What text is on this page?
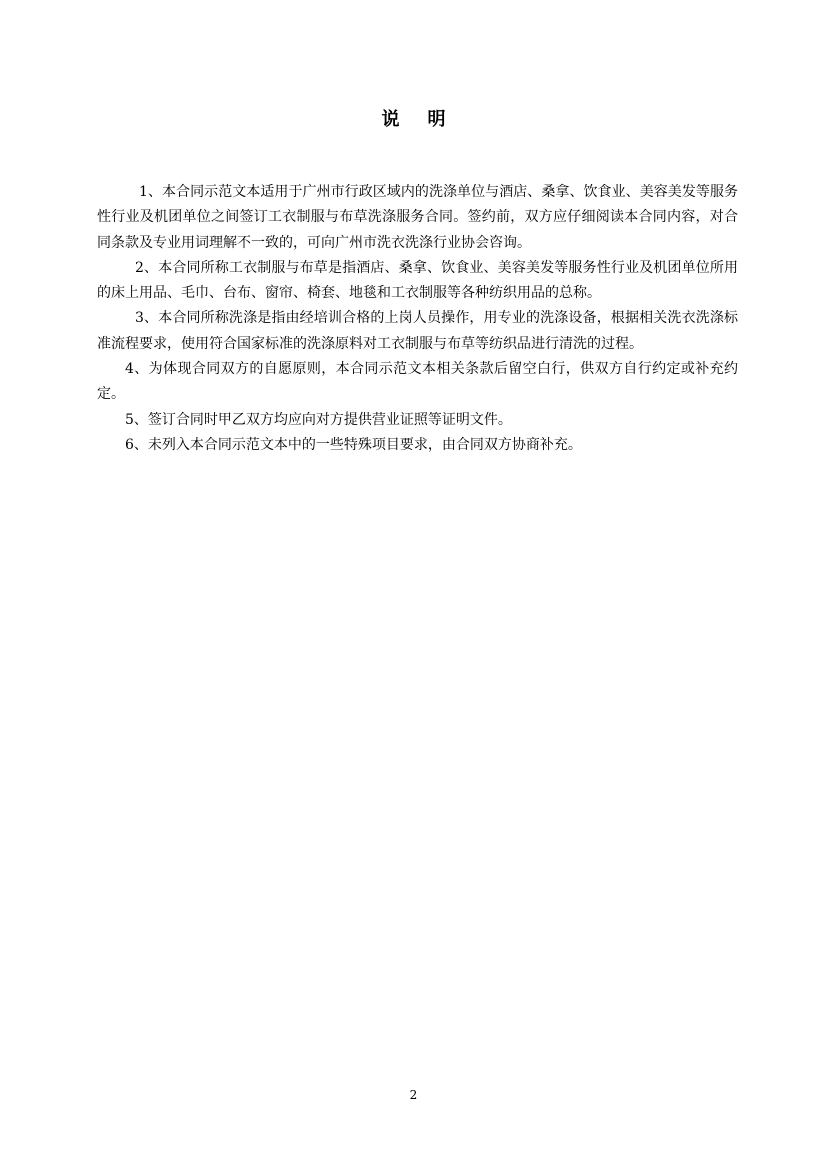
说明

1、本合同示范文本适用于广州市行政区域内的洗涤单位与酒店、桑拿、饮食业、美容美发等服务性行业及机团单位之间签订工衣制服与布草洗涤服务合同。签约前，双方应仔细阅读本合同内容，对合同条款及专业用词理解不一致的，可向广州市洗衣洗涤行业协会咨询。

2、本合同所称工衣制服与布草是指酒店、桑拿、饮食业、美容美发等服务性行业及机团单位所用的床上用品、毛巾、台布、窗帘、椅套、地毯和工衣制服等各种纺织用品的总称。

3、本合同所称洗涤是指由经培训合格的上岗人员操作，用专业的洗涤设备，根据相关洗衣洗涤标准流程要求，使用符合国家标准的洗涤原料对工衣制服与布草等纺织品进行清洗的过程。

4、为体现合同双方的自愿原则，本合同示范文本相关条款后留空白行，供双方自行约定或补充约定。

5、签订合同时甲乙双方均应向对方提供营业证照等证明文件。

6、未列入本合同示范文本中的一些特殊项目要求，由合同双方协商补充。

2
